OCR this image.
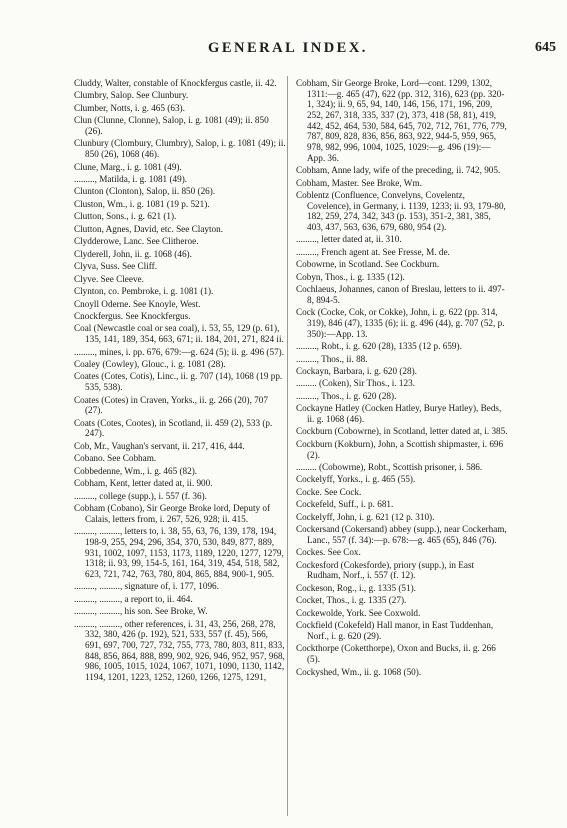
GENERAL INDEX.	645

Cluddy, Walter, constable of Knockfergus castle, ii. 42.

Clumbry, Salop. See Clunbury.

Clumber, Notts, i. g. 465 (63).

Clun (Clunne, Clonne), Salop, i. g. 1081 (49); ii. 850 (26).

Clunbury (Clombury, Clumbry), Salop, i. g. 1081 (49); ii. 850 (26), 1068 (46).

Clune, Marg., i. g. 1081 (49).

........., Matilda, i. g. 1081 (49).

Clunton (Clonton), Salop, ii. 850 (26).

Cluston, Wm., i. g. 1081 (19 p. 521).

Clutton, Sons., i. g. 621 (1).

Clutton, Agnes, David, etc. See Clayton.

Clydderowe, Lanc. See Clitheroe.

Clyderell, John, ii. g. 1068 (46).

Clyva, Suss. See Cliff.

Clyve. See Cleeve.

Clynton, co. Pembroke, i. g. 1081 (1).

Cnoyll Oderne. See Knoyle, West.

Cnockfergus. See Knockfergus.

Coal (Newcastle coal or sea coal), i. 53, 55, 129 (p. 61), 135, 141, 189, 354, 663, 671; ii. 184, 201, 271, 824 ii.

........., mines, i. pp. 676, 679:—g. 624 (5); ii. g. 496 (57).

Coaley (Cowley), Glouc., i. g. 1081 (28).

Coates (Cotes, Cotis), Linc., ii. g. 707 (14), 1068 (19 pp. 535, 538).

Coates (Cotes) in Craven, Yorks., ii. g. 266 (20), 707 (27).

Coats (Cotes, Cootes), in Scotland, ii. 459 (2), 533 (p. 247).

Cob, Mr., Vaughan's servant, ii. 217, 416, 444.

Cobano. See Cobham.

Cobbedenne, Wm., i. g. 465 (82).

Cobham, Kent, letter dated at, ii. 900.

........., college (supp.), i. 557 (f. 36).

Cobham (Cobano), Sir George Broke lord, Deputy of Calais, letters from, i. 267, 526, 928; ii. 415.

........., ........., letters to, i. 38, 55, 63, 76, 139, 178, 194, 198-9, 255, 294, 296, 354, 370, 530, 849, 877, 889, 931, 1002, 1097, 1153, 1173, 1189, 1220, 1277, 1279, 1318; ii. 93, 99, 154-5, 161, 164, 319, 454, 518, 582, 623, 721, 742, 763, 780, 804, 865, 884, 900-1, 905.

........., ........., signature of, i. 177, 1096.

........., ........., a report to, ii. 464.

........., ........., his son. See Broke, W.

........., ........., other references, i. 31, 43, 256, 268, 278, 332, 380, 426 (p. 192), 521, 533, 557 (f. 45), 566, 691, 697, 700, 727, 732, 755, 773, 780, 803, 811, 833, 848, 856, 864, 888, 899, 902, 926, 946, 952, 957, 968, 986, 1005, 1015, 1024, 1067, 1071, 1090, 1130, 1142, 1194, 1201, 1223, 1252, 1260, 1266, 1275, 1291,

Cobham, Sir George Broke, Lord—cont. 1299, 1302, 1311:—g. 465 (47), 622 (pp. 312, 316), 623 (pp. 320-1, 324); ii. 9, 65, 94, 140, 146, 156, 171, 196, 209, 252, 267, 318, 335, 337 (2), 373, 418 (58, 81), 419, 442, 452, 464, 530, 584, 645, 702, 712, 761, 776, 779, 787, 809, 828, 836, 856, 863, 922, 944-5, 959, 965, 978, 982, 996, 1004, 1025, 1029:—g. 496 (19):—App. 36.

Cobham, Anne lady, wife of the preceding, ii. 742, 905.

Cobham, Master. See Broke, Wm.

Coblentz (Confluence, Convelyns, Covelentz, Covelence), in Germany, i. 1139, 1233; ii. 93, 179-80, 182, 259, 274, 342, 343 (p. 153), 351-2, 381, 385, 403, 437, 563, 636, 679, 680, 954 (2).

........., letter dated at, ii. 310.

........., French agent at. See Fresse, M. de.

Cobowrne, in Scotland. See Cockburn.

Cobyn, Thos., i. g. 1335 (12).

Cochlaeus, Johannes, canon of Breslau, letters to ii. 497-8, 894-5.

Cock (Cocke, Cok, or Cokke), John, i. g. 622 (pp. 314, 319), 846 (47), 1335 (6); ii. g. 496 (44), g. 707 (52, p. 350):—App. 13.

........., Robt., i. g. 620 (28), 1335 (12 p. 659).

........., Thos., ii. 88.

Cockayn, Barbara, i. g. 620 (28).

......... (Coken), Sir Thos., i. 123.

........., Thos., i. g. 620 (28).

Cockayne Hatley (Cocken Hatley, Burye Hatley), Beds, ii. g. 1068 (46).

Cockburn (Cobowrne), in Scotland, letter dated at, i. 385.

Cockburn (Kokburn), John, a Scottish shipmaster, i. 696 (2).

......... (Cobowrne), Robt., Scottish prisoner, i. 586.

Cockelyff, Yorks., i. g. 465 (55).

Cocke. See Cock.

Cockefeld, Suff., i. p. 681.

Cockelyff, John, i. g. 621 (12 p. 310).

Cockersand (Cokersand) abbey (supp.), near Cockerham, Lanc., 557 (f. 34):—p. 678:—g. 465 (65), 846 (76).

Cockes. See Cox.

Cockesford (Cokesforde), priory (supp.), in East Rudham, Norf., i. 557 (f. 12).

Cockeson, Rog., i., g. 1335 (51).

Cocket, Thos., i. g. 1335 (27).

Cockewolde, York. See Coxwold.

Cockfield (Cokefeld) Hall manor, in East Tuddenhan, Norf., i. g. 620 (29).

Cockthorpe (Coketthorpe), Oxon and Bucks, ii. g. 266 (5).

Cockyshed, Wm., ii. g. 1068 (50).
